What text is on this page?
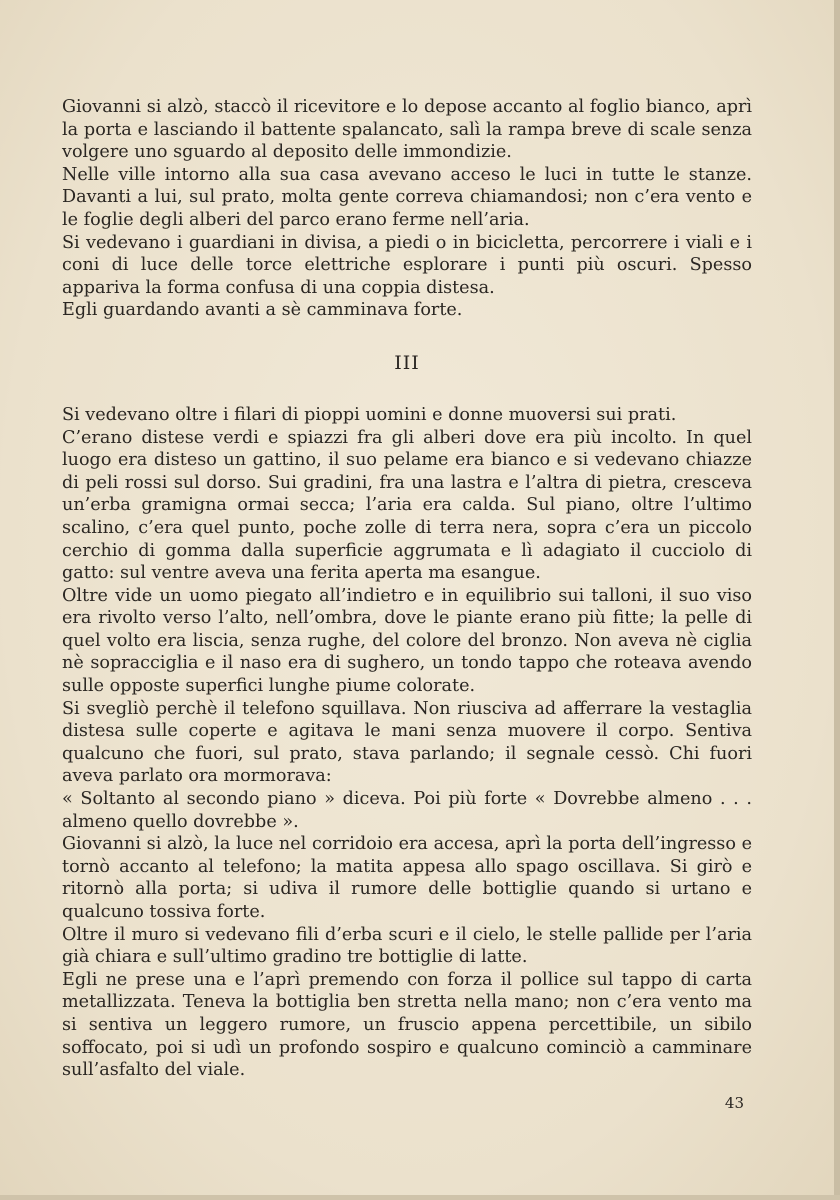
Giovanni si alzò, staccò il ricevitore e lo depose accanto al foglio bianco, aprì la porta e lasciando il battente spalancato, salì la rampa breve di scale senza volgere uno sguardo al deposito delle immondizie.

Nelle ville intorno alla sua casa avevano acceso le luci in tutte le stanze. Davanti a lui, sul prato, molta gente correva chiamandosi; non c’era vento e le foglie degli alberi del parco erano ferme nell’aria.

Si vedevano i guardiani in divisa, a piedi o in bicicletta, percorrere i viali e i coni di luce delle torce elettriche esplorare i punti più oscuri. Spesso appariva la forma confusa di una coppia distesa.

Egli guardando avanti a sè camminava forte.

III

Si vedevano oltre i filari di pioppi uomini e donne muoversi sui prati.

C’erano distese verdi e spiazzi fra gli alberi dove era più incolto. In quel luogo era disteso un gattino, il suo pelame era bianco e si vedevano chiazze di peli rossi sul dorso. Sui gradini, fra una lastra e l’altra di pietra, cresceva un’erba gramigna ormai secca; l’aria era calda. Sul piano, oltre l’ultimo scalino, c’era quel punto, poche zolle di terra nera, sopra c’era un piccolo cerchio di gomma dalla superficie aggrumata e lì adagiato il cucciolo di gatto: sul ventre aveva una ferita aperta ma esangue.

Oltre vide un uomo piegato all’indietro e in equilibrio sui talloni, il suo viso era rivolto verso l’alto, nell’ombra, dove le piante erano più fitte; la pelle di quel volto era liscia, senza rughe, del colore del bronzo. Non aveva nè ciglia nè sopracciglia e il naso era di sughero, un tondo tappo che roteava avendo sulle opposte superfici lunghe piume colorate.

Si svegliò perchè il telefono squillava. Non riusciva ad afferrare la vestaglia distesa sulle coperte e agitava le mani senza muovere il corpo. Sentiva qualcuno che fuori, sul prato, stava parlando; il segnale cessò. Chi fuori aveva parlato ora mormorava:

« Soltanto al secondo piano » diceva. Poi più forte « Dovrebbe almeno . . . almeno quello dovrebbe ».

Giovanni si alzò, la luce nel corridoio era accesa, aprì la porta dell’ingresso e tornò accanto al telefono; la matita appesa allo spago oscillava. Si girò e ritornò alla porta; si udiva il rumore delle bottiglie quando si urtano e qualcuno tossiva forte.

Oltre il muro si vedevano fili d’erba scuri e il cielo, le stelle pallide per l’aria già chiara e sull’ultimo gradino tre bottiglie di latte.

Egli ne prese una e l’aprì premendo con forza il pollice sul tappo di carta metallizzata. Teneva la bottiglia ben stretta nella mano; non c’era vento ma si sentiva un leggero rumore, un fruscio appena percettibile, un sibilo soffocato, poi si udì un profondo sospiro e qualcuno cominciò a camminare sull’asfalto del viale.

43
